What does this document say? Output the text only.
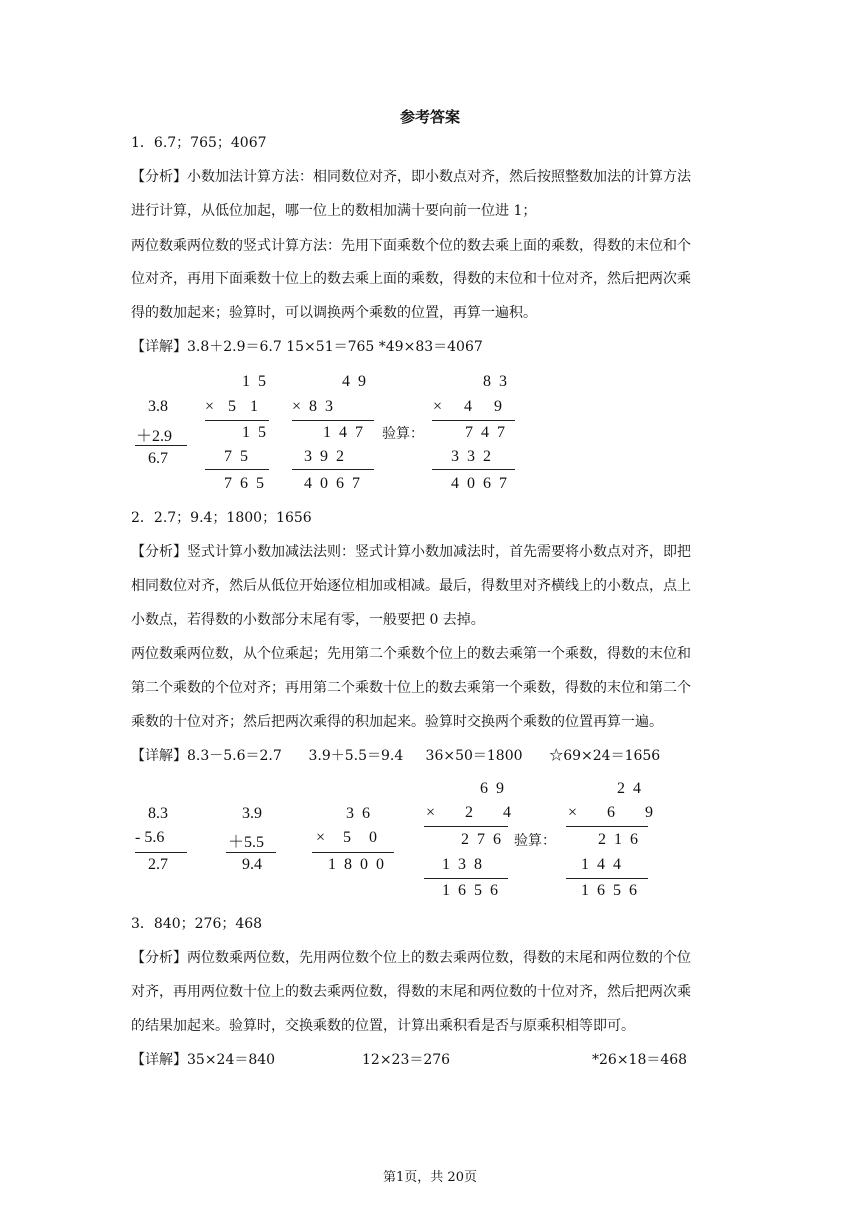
参考答案
1．6.7；765；4067
【分析】小数加法计算方法：相同数位对齐，即小数点对齐，然后按照整数加法的计算方法
进行计算，从低位加起，哪一位上的数相加满十要向前一位进 1；
两位数乘两位数的竖式计算方法：先用下面乘数个位的数去乘上面的乘数，得数的末位和个
位对齐，再用下面乘数十位上的数去乘上面的乘数，得数的末位和十位对齐，然后把两次乘
得的数加起来；验算时，可以调换两个乘数的位置，再算一遍积。
【详解】3.8＋2.9＝6.7 15×51＝765 *49×83＝4067
3.8
＋2.9
6.7
1 5
× 5 1
1 5
7 5
7 6 5
4 9
× 8 3
1 4 7
3 9 2
4 0 6 7
验算：
8 3
× 4 9
7 4 7
3 3 2
4 0 6 7
2．2.7；9.4；1800；1656
【分析】竖式计算小数加减法法则：竖式计算小数加减法时，首先需要将小数点对齐，即把
相同数位对齐，然后从低位开始逐位相加或相减。最后，得数里对齐横线上的小数点，点上
小数点，若得数的小数部分末尾有零，一般要把 0 去掉。
两位数乘两位数，从个位乘起；先用第二个乘数个位上的数去乘第一个乘数，得数的末位和
第二个乘数的个位对齐；再用第二个乘数十位上的数去乘第一个乘数，得数的末位和第二个
乘数的十位对齐；然后把两次乘得的积加起来。验算时交换两个乘数的位置再算一遍。
【详解】8.3－5.6＝2.7      3.9＋5.5＝9.4     36×50＝1800      ☆69×24＝1656
8.3
- 5.6
2.7
3.9
＋5.5
9.4
3 6
× 5 0
1 8 0 0
6 9
× 2 4
2 7 6
1 3 8
1 6 5 6
验算：
2 4
× 6 9
2 1 6
1 4 4
1 6 5 6
3．840；276；468
【分析】两位数乘两位数，先用两位数个位上的数去乘两位数，得数的末尾和两位数的个位
对齐，再用两位数十位上的数去乘两位数，得数的末尾和两位数的十位对齐，然后把两次乘
的结果加起来。验算时，交换乘数的位置，计算出乘积看是否与原乘积相等即可。
【详解】35×24＝840	12×23＝276	*26×18＝468
第1页，共 20页
